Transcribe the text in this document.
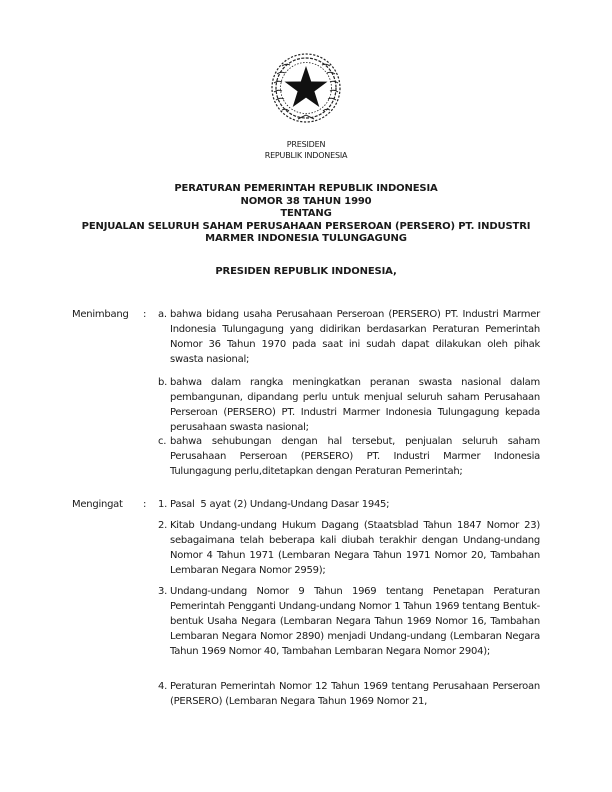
PRESIDEN
REPUBLIK INDONESIA
PERATURAN PEMERINTAH REPUBLIK INDONESIA
NOMOR 38 TAHUN 1990
TENTANG
PENJUALAN SELURUH SAHAM PERUSAHAAN PERSEROAN (PERSERO) PT. INDUSTRI
MARMER INDONESIA TULUNGAGUNG
PRESIDEN REPUBLIK INDONESIA,
Menimbang : a. bahwa bidang usaha Perusahaan Perseroan (PERSERO) PT. Industri Marmer Indonesia Tulungagung yang didirikan berdasarkan Peraturan Pemerintah Nomor 36 Tahun 1970 pada saat ini sudah dapat dilakukan oleh pihak swasta nasional;
b. bahwa dalam rangka meningkatkan peranan swasta nasional dalam pembangunan, dipandang perlu untuk menjual seluruh saham Perusahaan Perseroan (PERSERO) PT. Industri Marmer Indonesia Tulungagung kepada perusahaan swasta nasional;
c. bahwa sehubungan dengan hal tersebut, penjualan seluruh saham Perusahaan Perseroan (PERSERO) PT. Industri Marmer Indonesia Tulungagung perlu,ditetapkan dengan Peraturan Pemerintah;
Mengingat : 1. Pasal  5 ayat (2) Undang-Undang Dasar 1945;
2. Kitab Undang-undang Hukum Dagang (Staatsblad Tahun 1847 Nomor 23) sebagaimana telah beberapa kali diubah terakhir dengan Undang-undang Nomor 4 Tahun 1971 (Lembaran Negara Tahun 1971 Nomor 20, Tambahan Lembaran Negara Nomor 2959);
3. Undang-undang Nomor 9 Tahun 1969 tentang Penetapan Peraturan Pemerintah Pengganti Undang-undang Nomor 1 Tahun 1969 tentang Bentuk-bentuk Usaha Negara (Lembaran Negara Tahun 1969 Nomor 16, Tambahan Lembaran Negara Nomor 2890) menjadi Undang-undang (Lembaran Negara Tahun 1969 Nomor 40, Tambahan Lembaran Negara Nomor 2904);
4. Peraturan Pemerintah Nomor 12 Tahun 1969 tentang Perusahaan Perseroan (PERSERO) (Lembaran Negara Tahun 1969 Nomor 21,
